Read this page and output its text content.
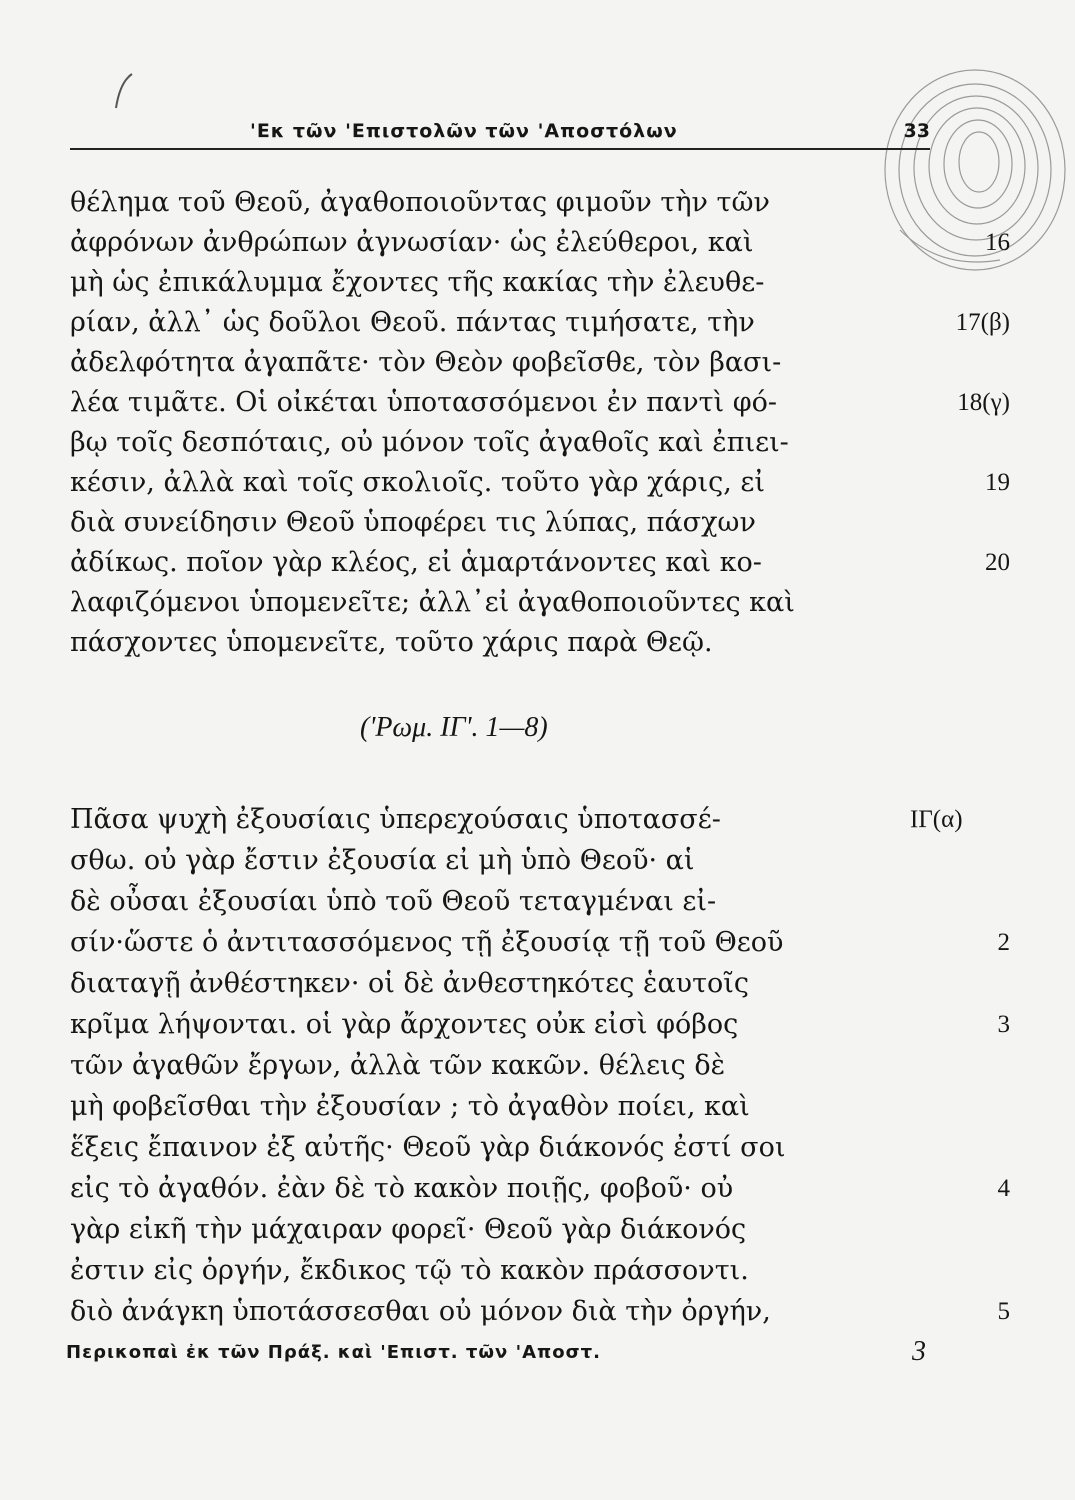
'Εκ τῶν 'Επιστολῶν τῶν 'Αποστόλων	33
θέλημα τοῦ Θεοῦ, ἀγαθοποιοῦντας φιμοῦν τὴν τῶν
ἀφρόνων ἀνθρώπων ἀγνωσίαν· ὡς ἐλεύθεροι, καὶ	16
μὴ ὡς ἐπικάλυμμα ἔχοντες τῆς κακίας τὴν ἐλευθε-
ρίαν, ἀλλ᾽ ὡς δοῦλοι Θεοῦ. πάντας τιμήσατε, τὴν	17(β)
ἀδελφότητα ἀγαπᾶτε· τὸν Θεὸν φοβεῖσθε, τὸν βασι-
λέα τιμᾶτε. Οἱ οἰκέται ὑποτασσόμενοι ἐν παντὶ φό-	18(γ)
βῳ τοῖς δεσπόταις, οὐ μόνον τοῖς ἀγαθοῖς καὶ ἐπιει-
κέσιν, ἀλλὰ καὶ τοῖς σκολιοῖς. τοῦτο γὰρ χάρις, εἰ	19
διὰ συνείδησιν Θεοῦ ὑποφέρει τις λύπας, πάσχων
ἀδίκως. ποῖον γὰρ κλέος, εἰ ἁμαρτάνοντες καὶ κο-	20
λαφιζόμενοι ὑπομενεῖτε; ἀλλ᾽εἰ ἀγαθοποιοῦντες καὶ
πάσχοντες ὑπομενεῖτε, τοῦτο χάρις παρὰ Θεῷ.
('Ρωμ. ΙΓ'. 1—8)
Πᾶσα ψυχὴ ἐξουσίαις ὑπερεχούσαις ὑποτασσέ-	ΙΓ(α)
σθω. οὐ γὰρ ἔστιν ἐξουσία εἰ μὴ ὑπὸ Θεοῦ· αἱ
δὲ οὖσαι ἐξουσίαι ὑπὸ τοῦ Θεοῦ τεταγμέναι εἰ-
σίν·ὥστε ὁ ἀντιτασσόμενος τῇ ἐξουσίᾳ τῇ τοῦ Θεοῦ	2
διαταγῇ ἀνθέστηκεν· οἱ δὲ ἀνθεστηκότες ἑαυτοῖς
κρῖμα λήψονται. οἱ γὰρ ἄρχοντες οὐκ εἰσὶ φόβος	3
τῶν ἀγαθῶν ἔργων, ἀλλὰ τῶν κακῶν. θέλεις δὲ
μὴ φοβεῖσθαι τὴν ἐξουσίαν ; τὸ ἀγαθὸν ποίει, καὶ
ἕξεις ἔπαινον ἐξ αὐτῆς· Θεοῦ γὰρ διάκονός ἐστί σοι
εἰς τὸ ἀγαθόν. ἐὰν δὲ τὸ κακὸν ποιῇς, φοβοῦ· οὐ	4
γὰρ εἰκῆ τὴν μάχαιραν φορεῖ· Θεοῦ γὰρ διάκονός
ἐστιν εἰς ὀργήν, ἔκδικος τῷ τὸ κακὸν πράσσοντι.
διὸ ἀνάγκη ὑποτάσσεσθαι οὐ μόνον διὰ τὴν ὀργήν,	5
Περικοπαὶ ἐκ τῶν Πράξ. καὶ 'Επιστ. τῶν 'Αποστ.	3
